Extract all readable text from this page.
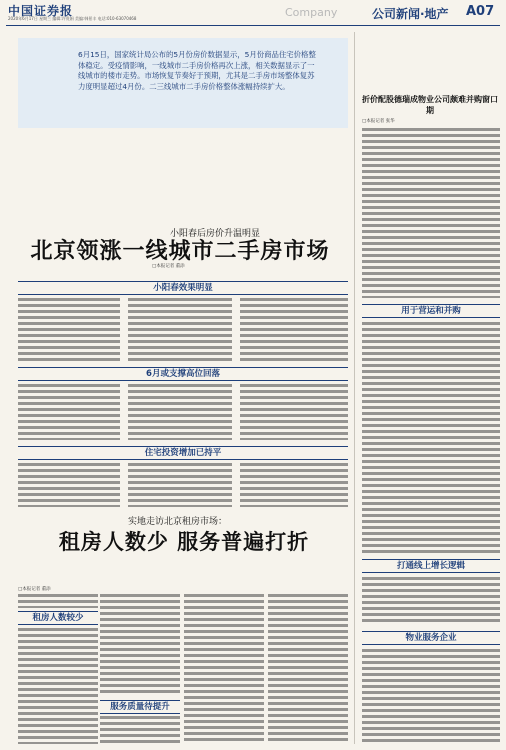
中国证券报
2020年6月17日 星期三 编辑:许贵娟 美编:韩景丰 电话:010-63070468	Company	公司新闻·地产 A07
6月15日，国家统计局公布的5月份房价数据显示，5月份商品住宅价格整体稳定。受疫情影响，一线城市二手房价格再次上涨，相关数据显示了一线城市的楼市走势。市场恢复节奏好于预期，尤其是二手房市场整体复苏力度明显超过4月份。二三线城市二手房价格整体涨幅持续扩大。
折价配股德瑞成物业公司颇难并购窗口期
□本报记者 张华
用于营运和并购
打通线上增长逻辑
物业服务企业
小阳春后房价升温明显
北京领涨一线城市二手房市场
□本报记者 董添
小阳春效果明显
6月或支撑高位回落
住宅投资增加已持平
实地走访北京租房市场：
租房人数少 服务普遍打折
□本报记者 董添
租房人数较少
服务质量待提升
